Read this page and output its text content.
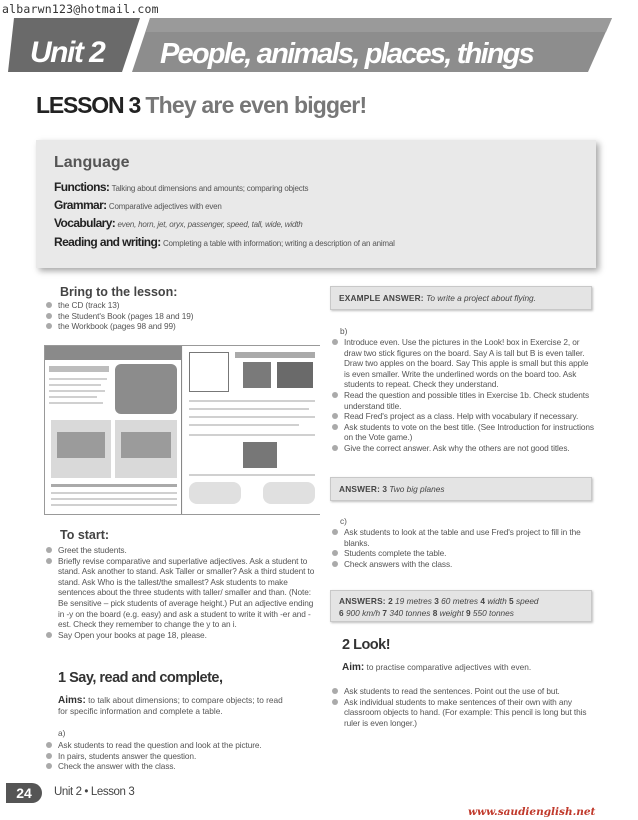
albarwn123@hotmail.com
Unit 2 People, animals, places, things
LESSON 3 They are even bigger!
Language
Functions: Talking about dimensions and amounts; comparing objects
Grammar: Comparative adjectives with even
Vocabulary: even, horn, jet, oryx, passenger, speed, tall, wide, width
Reading and writing: Completing a table with information; writing a description of an animal
Bring to the lesson:
the CD (track 13)
the Student's Book (pages 18 and 19)
the Workbook (pages 98 and 99)
To start:
Greet the students.
Briefly revise comparative and superlative adjectives. Ask a student to stand. Ask another to stand. Ask Taller or smaller? Ask a third student to stand. Ask Who is the tallest/the smallest? Ask students to make sentences about the three students with taller/ smaller and than. (Note: Be sensitive – pick students of average height.) Put an adjective ending in -y on the board (e.g. easy) and ask a student to write it with -er and -est. Check they remember to change the y to an i.
Say Open your books at page 18, please.
1 Say, read and complete,
Aims: to talk about dimensions; to compare objects; to read
for specific information and complete a table.
a)
Ask students to read the question and look at the picture.
In pairs, students answer the question.
Check the answer with the class.
EXAMPLE ANSWER: To write a project about flying.
b)
Introduce even. Use the pictures in the Look! box in Exercise 2, or draw two stick figures on the board. Say A is tall but B is even taller. Draw two apples on the board. Say This apple is small but this apple is even smaller. Write the underlined words on the board too. Ask students to repeat. Check they understand.
Read the question and possible titles in Exercise 1b. Check students understand title.
Read Fred's project as a class. Help with vocabulary if necessary.
Ask students to vote on the best title. (See Introduction for instructions on the Vote game.)
Give the correct answer. Ask why the others are not good titles.
ANSWER: 3 Two big planes
c)
Ask students to look at the table and use Fred's project to fill in the blanks.
Students complete the table.
Check answers with the class.
ANSWERS: 2 19 metres 3 60 metres 4 width 5 speed
6 900 km/h 7 340 tonnes 8 weight 9 550 tonnes
2 Look!
Aim: to practise comparative adjectives with even.
Ask students to read the sentences. Point out the use of but.
Ask individual students to make sentences of their own with any classroom objects to hand. (For example: This pencil is long but this ruler is even longer.)
24	Unit 2 • Lesson 3
www.saudienglish.net
